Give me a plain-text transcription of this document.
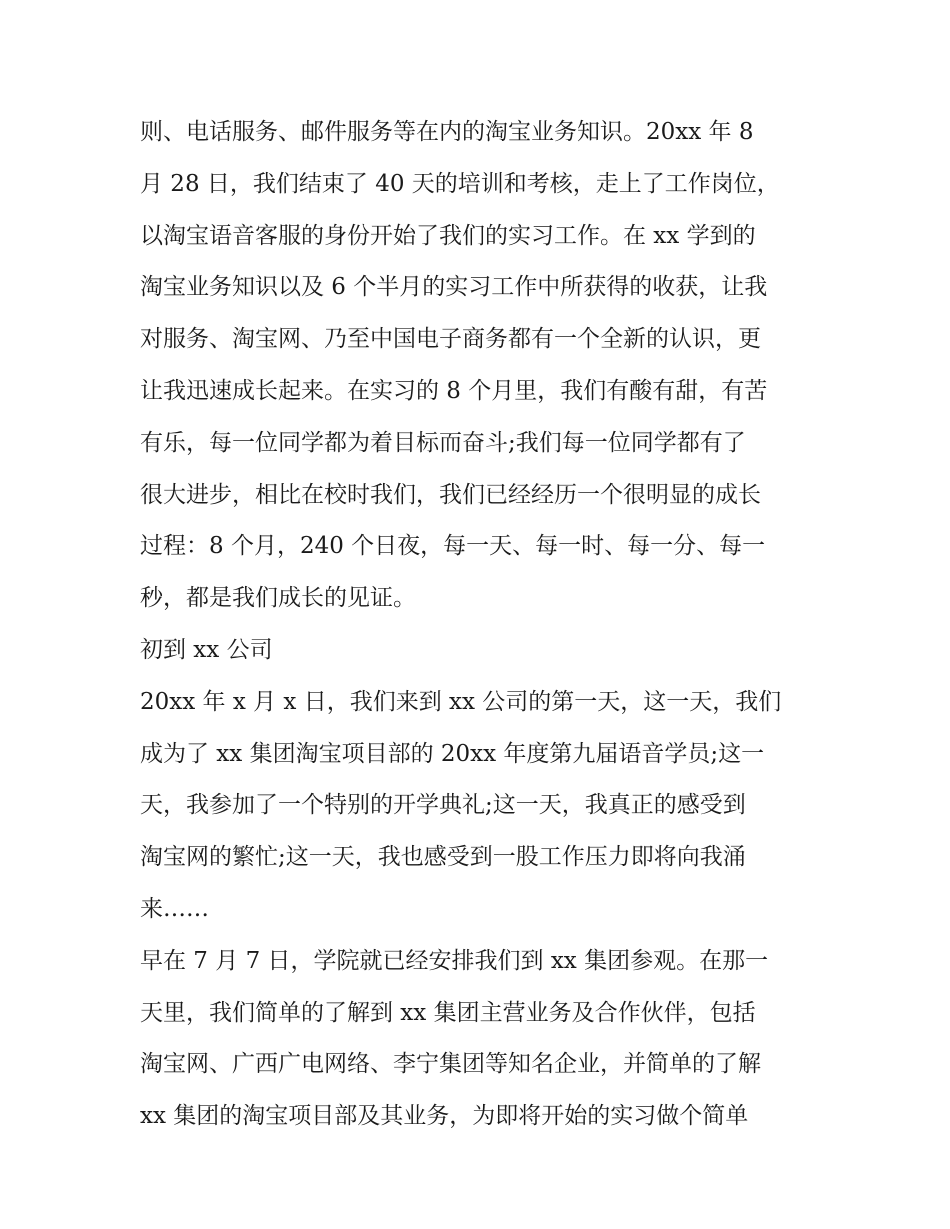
则、电话服务、邮件服务等在内的淘宝业务知识。20xx 年 8

月 28 日，我们结束了 40 天的培训和考核，走上了工作岗位，

以淘宝语音客服的身份开始了我们的实习工作。在 xx 学到的

淘宝业务知识以及 6 个半月的实习工作中所获得的收获，让我

对服务、淘宝网、乃至中国电子商务都有一个全新的认识，更

让我迅速成长起来。在实习的 8 个月里，我们有酸有甜，有苦

有乐，每一位同学都为着目标而奋斗;我们每一位同学都有了

很大进步，相比在校时我们，我们已经经历一个很明显的成长

过程：8 个月，240 个日夜，每一天、每一时、每一分、每一

秒，都是我们成长的见证。

初到 xx 公司

20xx 年 x 月 x 日，我们来到 xx 公司的第一天，这一天，我们

成为了 xx 集团淘宝项目部的 20xx 年度第九届语音学员;这一

天，我参加了一个特别的开学典礼;这一天，我真正的感受到

淘宝网的繁忙;这一天，我也感受到一股工作压力即将向我涌

来……

早在 7 月 7 日，学院就已经安排我们到 xx 集团参观。在那一

天里，我们简单的了解到 xx 集团主营业务及合作伙伴，包括

淘宝网、广西广电网络、李宁集团等知名企业，并简单的了解

xx 集团的淘宝项目部及其业务，为即将开始的实习做个简单
